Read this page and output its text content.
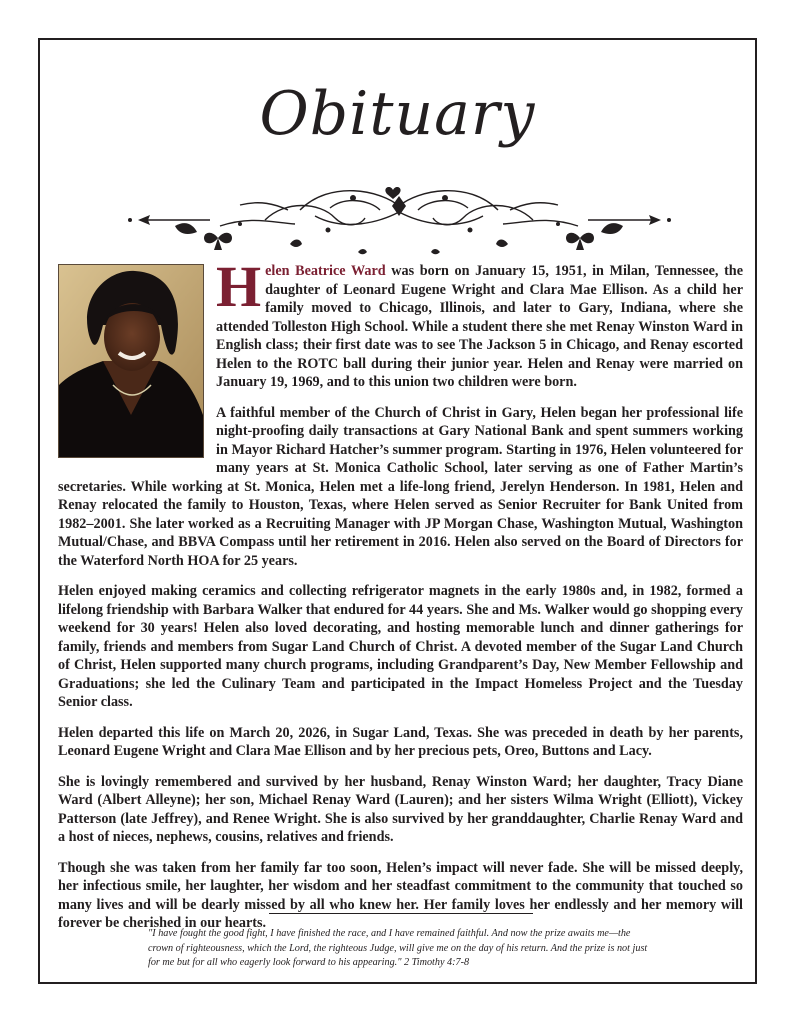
Obituary

Helen Beatrice Ward was born on January 15, 1951, in Milan, Tennessee, the daughter of Leonard Eugene Wright and Clara Mae Ellison. As a child her family moved to Chicago, Illinois, and later to Gary, Indiana, where she attended Tolleston High School. While a student there she met Renay Winston Ward in English class; their first date was to see The Jackson 5 in Chicago, and Renay escorted Helen to the ROTC ball during their junior year. Helen and Renay were married on January 19, 1969, and to this union two children were born.

A faithful member of the Church of Christ in Gary, Helen began her professional life night-proofing daily transactions at Gary National Bank and spent summers working in Mayor Richard Hatcher’s summer program. Starting in 1976, Helen volunteered for many years at St. Monica Catholic School, later serving as one of Father Martin’s secretaries. While working at St. Monica, Helen met a life-long friend, Jerelyn Henderson. In 1981, Helen and Renay relocated the family to Houston, Texas, where Helen served as Senior Recruiter for Bank United from 1982–2001. She later worked as a Recruiting Manager with JP Morgan Chase, Washington Mutual, Washington Mutual/Chase, and BBVA Compass until her retirement in 2016. Helen also served on the Board of Directors for the Waterford North HOA for 25 years.

Helen enjoyed making ceramics and collecting refrigerator magnets in the early 1980s and, in 1982, formed a lifelong friendship with Barbara Walker that endured for 44 years. She and Ms. Walker would go shopping every weekend for 30 years! Helen also loved decorating, and hosting memorable lunch and dinner gatherings for family, friends and members from Sugar Land Church of Christ. A devoted member of the Sugar Land Church of Christ, Helen supported many church programs, including Grandparent’s Day, New Member Fellowship and Graduations; she led the Culinary Team and participated in the Impact Homeless Project and the Tuesday Senior class.

Helen departed this life on March 20, 2026, in Sugar Land, Texas. She was preceded in death by her parents, Leonard Eugene Wright and Clara Mae Ellison and by her precious pets, Oreo, Buttons and Lacy.

She is lovingly remembered and survived by her husband, Renay Winston Ward; her daughter, Tracy Diane Ward (Albert Alleyne); her son, Michael Renay Ward (Lauren); and her sisters Wilma Wright (Elliott), Vickey Patterson (late Jeffrey), and Renee Wright. She is also survived by her granddaughter, Charlie Renay Ward and a host of nieces, nephews, cousins, relatives and friends.

Though she was taken from her family far too soon, Helen’s impact will never fade. She will be missed deeply, her infectious smile, her laughter, her wisdom and her steadfast commitment to the community that touched so many lives and will be dearly missed by all who knew her. Her family loves her endlessly and her memory will forever be cherished in our hearts.

"I have fought the good fight, I have finished the race, and I have remained faithful. And now the prize awaits me—the crown of righteousness, which the Lord, the righteous Judge, will give me on the day of his return. And the prize is not just for me but for all who eagerly look forward to his appearing." 2 Timothy 4:7-8
